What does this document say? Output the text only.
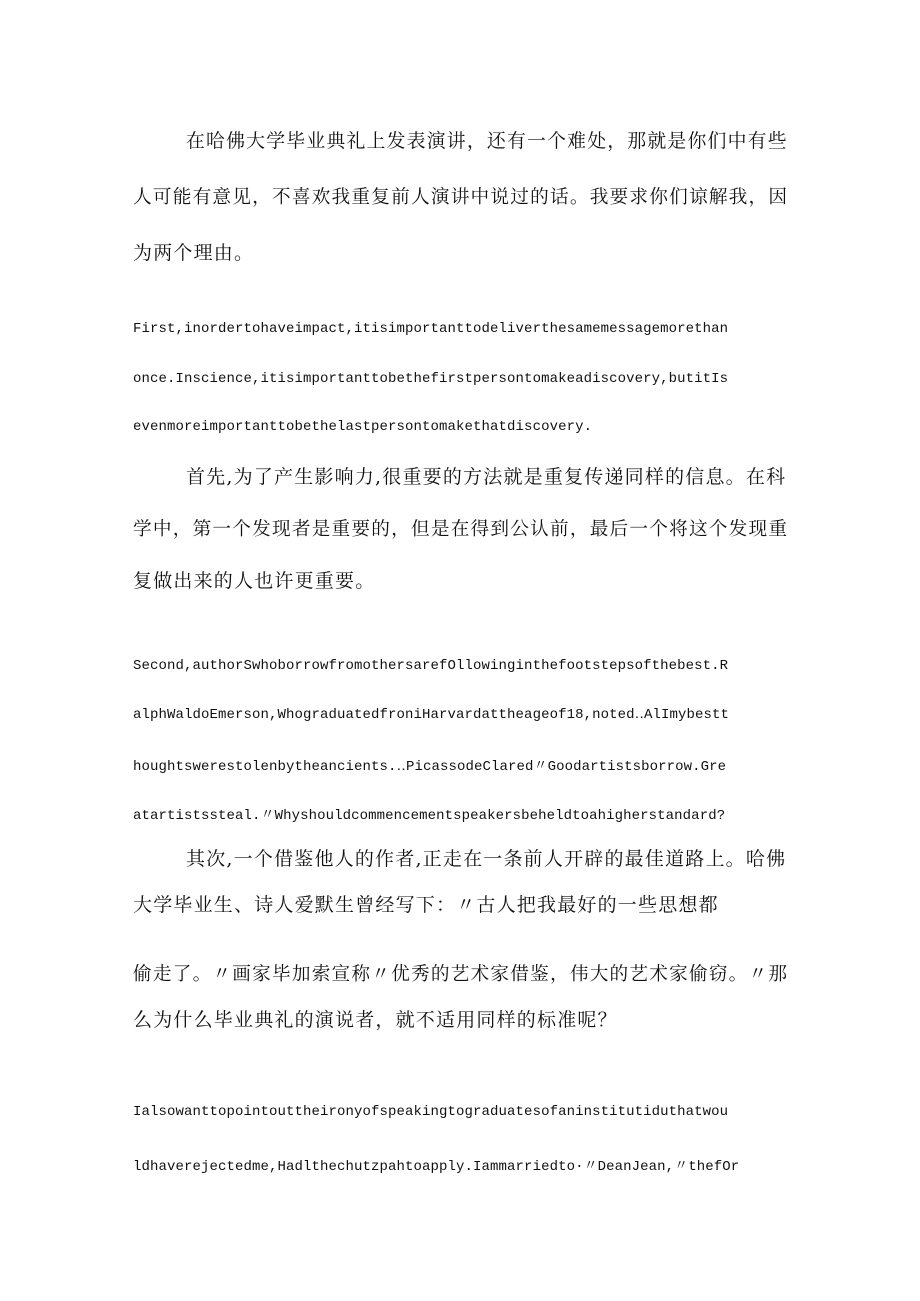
在哈佛大学毕业典礼上发表演讲，还有一个难处，那就是你们中有些

人可能有意见，不喜欢我重复前人演讲中说过的话。我要求你们谅解我，因

为两个理由。

First,inordertohaveimpact,itisimportanttodeliverthesamemessagemorethan

once.Inscience,itisimportanttobethefirstpersontomakeadiscovery,butitIs

evenmoreimportanttobethelastpersontomakethatdiscovery.

首先,为了产生影响力,很重要的方法就是重复传递同样的信息。在科

学中，第一个发现者是重要的，但是在得到公认前，最后一个将这个发现重

复做出来的人也许更重要。

Second,authorSwhoborrowfromothersarefOllowinginthefootstepsofthebest.R

alphWaldoEmerson,WhograduatedfroniHarvardattheageof18,noted‥AlImybestt

houghtswerestolenbytheancients.‥PicassodeClared〃Goodartistsborrow.Gre

atartistssteal.〃Whyshouldcommencementspeakersbeheldtoahigherstandard?

其次,一个借鉴他人的作者,正走在一条前人开辟的最佳道路上。哈佛

大学毕业生、诗人爱默生曾经写下：〃古人把我最好的一些思想都

偷走了。〃画家毕加索宣称〃优秀的艺术家借鉴，伟大的艺术家偷窃。〃那

么为什么毕业典礼的演说者，就不适用同样的标准呢？

Ialsowanttopointouttheironyofspeakingtograduatesofaninstitutiduthatwou

ldhaverejectedme,Hadlthechutzpahtoapply.Iammarriedto·〃DeanJean,〃thefOr
